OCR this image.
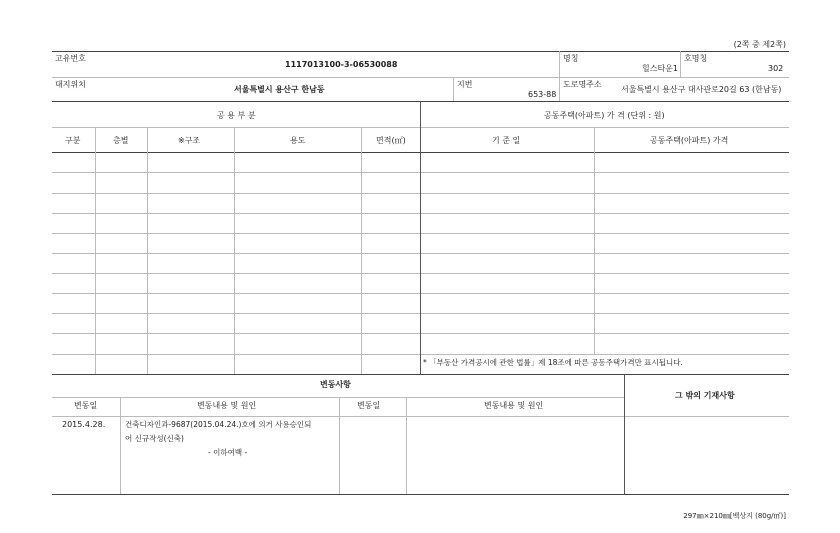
(2쪽 중 제2쪽)
고유번호
1117013100-3-06530088
명칭
힐스타운1
호명칭
302
대지위치
서울특별시 용산구 한남동
지번
653-88
도로명주소
서울특별시 용산구 대사관로20길 63 (한남동)
공 용 부 분	공동주택(아파트) 가 격 (단위 : 원)
구분	층별	※구조	용도	면적(㎡)	기 준 일	공동주택(아파트) 가격
* 「부동산 가격공시에 관한 법률」제 18조에 따른 공동주택가격만 표시됩니다.
변동사항
변동일	변동내용 및 원인	변동일	변동내용 및 원인
그 밖의 기재사항
2015.4.28.	건축디자인과-9687(2015.04.24.)호에 의거 사용승인되
어 신규작성(신축)
- 이하여백 -
297㎜×210㎜[백상지 (80g/㎡)]
